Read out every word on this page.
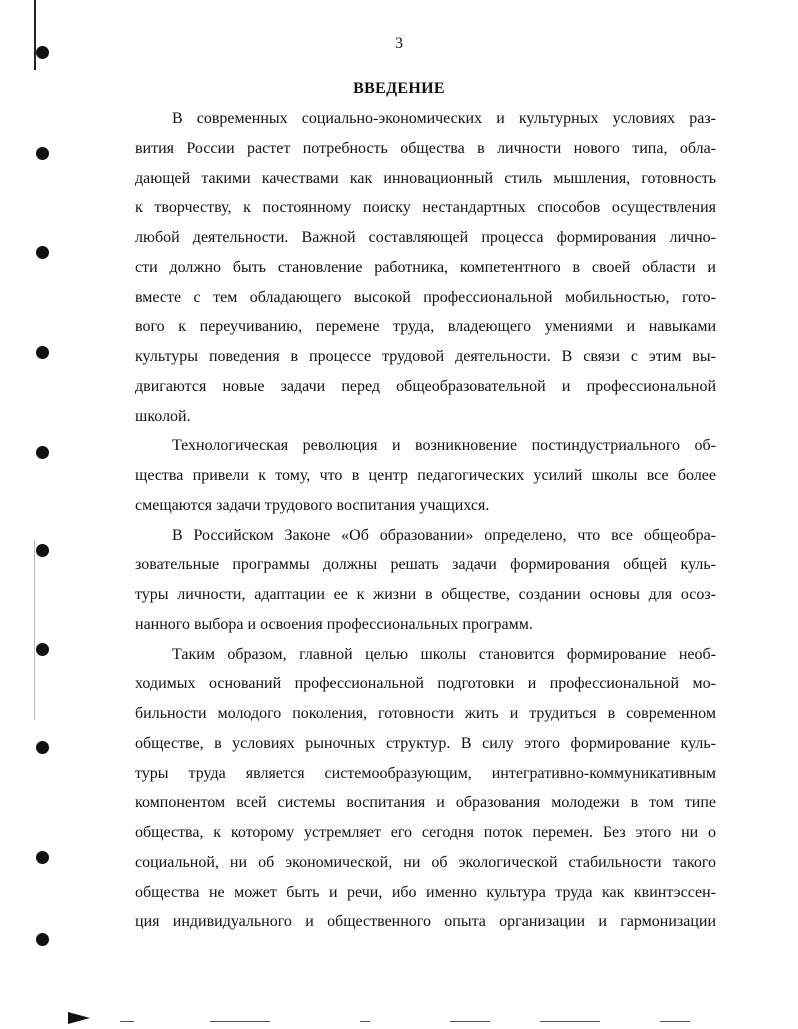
3
ВВЕДЕНИЕ
В современных социально-экономических и культурных условиях раз-
вития России растет потребность общества в личности нового типа, обла-
дающей такими качествами как инновационный стиль мышления, готовность
к творчеству, к постоянному поиску нестандартных способов осуществления
любой деятельности. Важной составляющей процесса формирования лично-
сти должно быть становление работника, компетентного в своей области и
вместе с тем обладающего высокой профессиональной мобильностью, гото-
вого к переучиванию, перемене труда, владеющего умениями и навыками
культуры поведения в процессе трудовой деятельности. В связи с этим вы-
двигаются новые задачи перед общеобразовательной и профессиональной
школой.
Технологическая революция и возникновение постиндустриального об-
щества привели к тому, что в центр педагогических усилий школы все более
смещаются задачи трудового воспитания учащихся.
В Российском Законе «Об образовании» определено, что все общеобра-
зовательные программы должны решать задачи формирования общей куль-
туры личности, адаптации ее к жизни в обществе, создании основы для осоз-
нанного выбора и освоения профессиональных программ.
Таким образом, главной целью школы становится формирование необ-
ходимых оснований профессиональной подготовки и профессиональной мо-
бильности молодого поколения, готовности жить и трудиться в современном
обществе, в условиях рыночных структур. В силу этого формирование куль-
туры труда является системообразующим, интегративно-коммуникативным
компонентом всей системы воспитания и образования молодежи в том типе
общества, к которому устремляет его сегодня поток перемен. Без этого ни о
социальной, ни об экономической, ни об экологической стабильности такого
общества не может быть и речи, ибо именно культура труда как квинтэссен-
ция индивидуального и общественного опыта организации и гармонизации
